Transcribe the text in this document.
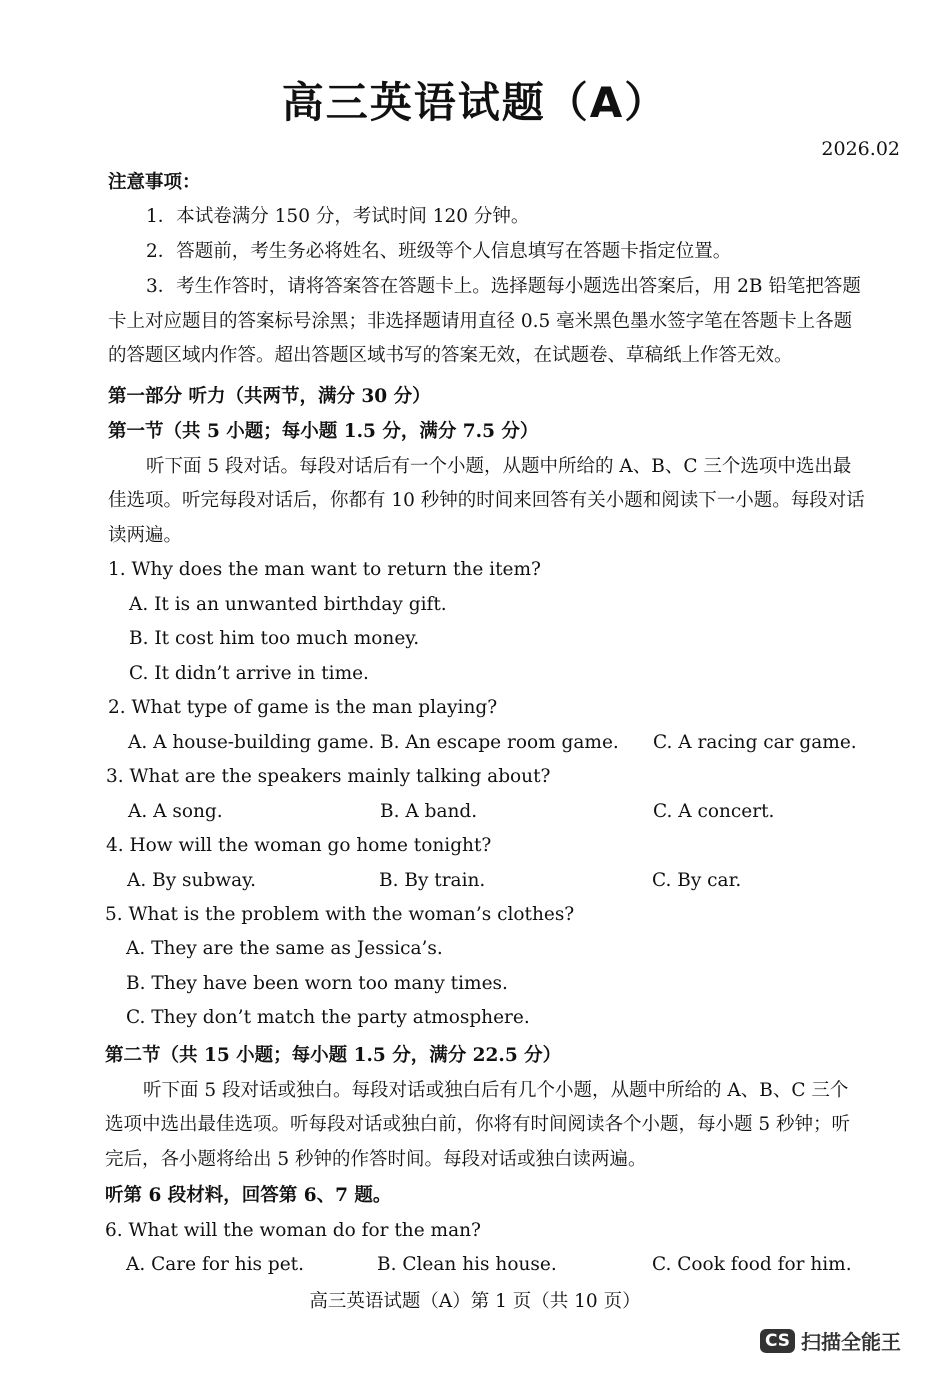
高三英语试题（A）
2026.02
注意事项：
1．本试卷满分 150 分，考试时间 120 分钟。
2．答题前，考生务必将姓名、班级等个人信息填写在答题卡指定位置。
3．考生作答时，请将答案答在答题卡上。选择题每小题选出答案后，用 2B 铅笔把答题
卡上对应题目的答案标号涂黑；非选择题请用直径 0.5 毫米黑色墨水签字笔在答题卡上各题
的答题区域内作答。超出答题区域书写的答案无效，在试题卷、草稿纸上作答无效。
第一部分 听力（共两节，满分 30 分）
第一节（共 5 小题；每小题 1.5 分，满分 7.5 分）
听下面 5 段对话。每段对话后有一个小题，从题中所给的 A、B、C 三个选项中选出最
佳选项。听完每段对话后，你都有 10 秒钟的时间来回答有关小题和阅读下一小题。每段对话
读两遍。
1. Why does the man want to return the item?
A. It is an unwanted birthday gift.
B. It cost him too much money.
C. It didn’t arrive in time.
2. What type of game is the man playing?
A. A house-building game. B. An escape room game. C. A racing car game.
3. What are the speakers mainly talking about?
A. A song.	B. A band.	C. A concert.
4. How will the woman go home tonight?
A. By subway.	B. By train.	C. By car.
5. What is the problem with the woman’s clothes?
A. They are the same as Jessica’s.
B. They have been worn too many times.
C. They don’t match the party atmosphere.
第二节（共 15 小题；每小题 1.5 分，满分 22.5 分）
听下面 5 段对话或独白。每段对话或独白后有几个小题，从题中所给的 A、B、C 三个
选项中选出最佳选项。听每段对话或独白前，你将有时间阅读各个小题，每小题 5 秒钟；听
完后，各小题将给出 5 秒钟的作答时间。每段对话或独白读两遍。
听第 6 段材料，回答第 6、7 题。
6. What will the woman do for the man?
A. Care for his pet.	B. Clean his house.	C. Cook food for him.
高三英语试题（A）第 1 页（共 10 页）
CS 扫描全能王
